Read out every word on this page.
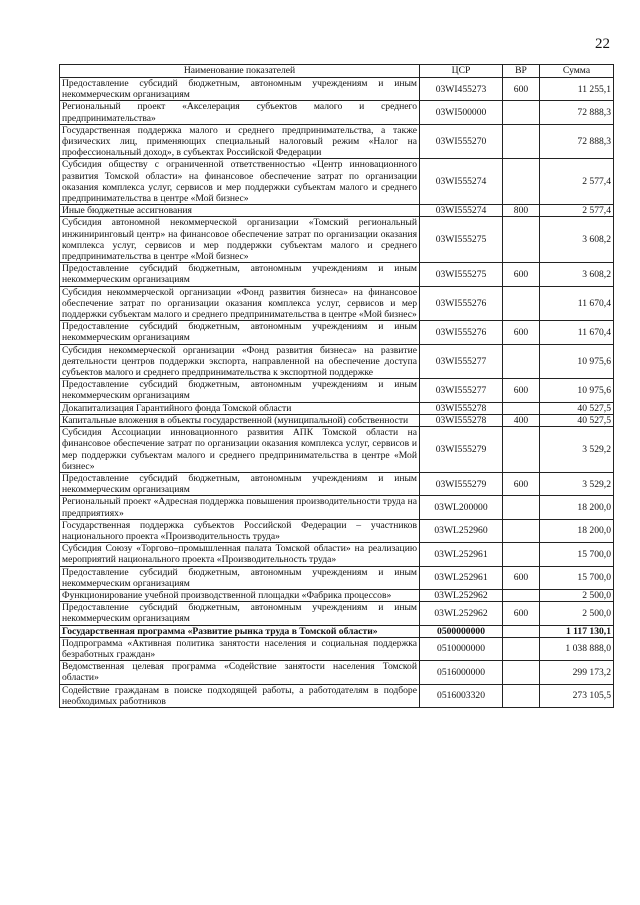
22
Наименование показателей	ЦСР	ВР	Сумма
Предоставление субсидий бюджетным, автономным учреждениям и иным некоммерческим организациям	03WI455273	600	11 255,1
Региональный проект «Акселерация субъектов малого и среднего предпринимательства»	03WI500000		72 888,3
Государственная поддержка малого и среднего предпринимательства, а также физических лиц, применяющих специальный налоговый режим «Налог на профессиональный доход», в субъектах Российской Федерации	03WI555270		72 888,3
Субсидия обществу с ограниченной ответственностью «Центр инновационного развития Томской области» на финансовое обеспечение затрат по организации оказания комплекса услуг, сервисов и мер поддержки субъектам малого и среднего предпринимательства в центре «Мой бизнес»	03WI555274		2 577,4
Иные бюджетные ассигнования	03WI555274	800	2 577,4
Субсидия автономной некоммерческой организации «Томский региональный инжиниринговый центр» на финансовое обеспечение затрат по организации оказания комплекса услуг, сервисов и мер поддержки субъектам малого и среднего предпринимательства в центре «Мой бизнес»	03WI555275		3 608,2
Предоставление субсидий бюджетным, автономным учреждениям и иным некоммерческим организациям	03WI555275	600	3 608,2
Субсидия некоммерческой организации «Фонд развития бизнеса» на финансовое обеспечение затрат по организации оказания комплекса услуг, сервисов и мер поддержки субъектам малого и среднего предпринимательства в центре «Мой бизнес»	03WI555276		11 670,4
Предоставление субсидий бюджетным, автономным учреждениям и иным некоммерческим организациям	03WI555276	600	11 670,4
Субсидия некоммерческой организации «Фонд развития бизнеса» на развитие деятельности центров поддержки экспорта, направленной на обеспечение доступа субъектов малого и среднего предпринимательства к экспортной поддержке	03WI555277		10 975,6
Предоставление субсидий бюджетным, автономным учреждениям и иным некоммерческим организациям	03WI555277	600	10 975,6
Докапитализация Гарантийного фонда Томской области	03WI555278		40 527,5
Капитальные вложения в объекты государственной (муниципальной) собственности	03WI555278	400	40 527,5
Субсидия Ассоциации инновационного развития АПК Томской области на финансовое обеспечение затрат по организации оказания комплекса услуг, сервисов и мер поддержки субъектам малого и среднего предпринимательства в центре «Мой бизнес»	03WI555279		3 529,2
Предоставление субсидий бюджетным, автономным учреждениям и иным некоммерческим организациям	03WI555279	600	3 529,2
Региональный проект «Адресная поддержка повышения производительности труда на предприятиях»	03WL200000		18 200,0
Государственная поддержка субъектов Российской Федерации – участников национального проекта «Производительность труда»	03WL252960		18 200,0
Субсидия Союзу «Торгово–промышленная палата Томской области» на реализацию мероприятий национального проекта «Производительность труда»	03WL252961		15 700,0
Предоставление субсидий бюджетным, автономным учреждениям и иным некоммерческим организациям	03WL252961	600	15 700,0
Функционирование учебной производственной площадки «Фабрика процессов»	03WL252962		2 500,0
Предоставление субсидий бюджетным, автономным учреждениям и иным некоммерческим организациям	03WL252962	600	2 500,0
Государственная программа «Развитие рынка труда в Томской области»	0500000000		1 117 130,1
Подпрограмма «Активная политика занятости населения и социальная поддержка безработных граждан»	0510000000		1 038 888,0
Ведомственная целевая программа «Содействие занятости населения Томской области»	0516000000		299 173,2
Содействие гражданам в поиске подходящей работы, а работодателям в подборе необходимых работников	0516003320		273 105,5
